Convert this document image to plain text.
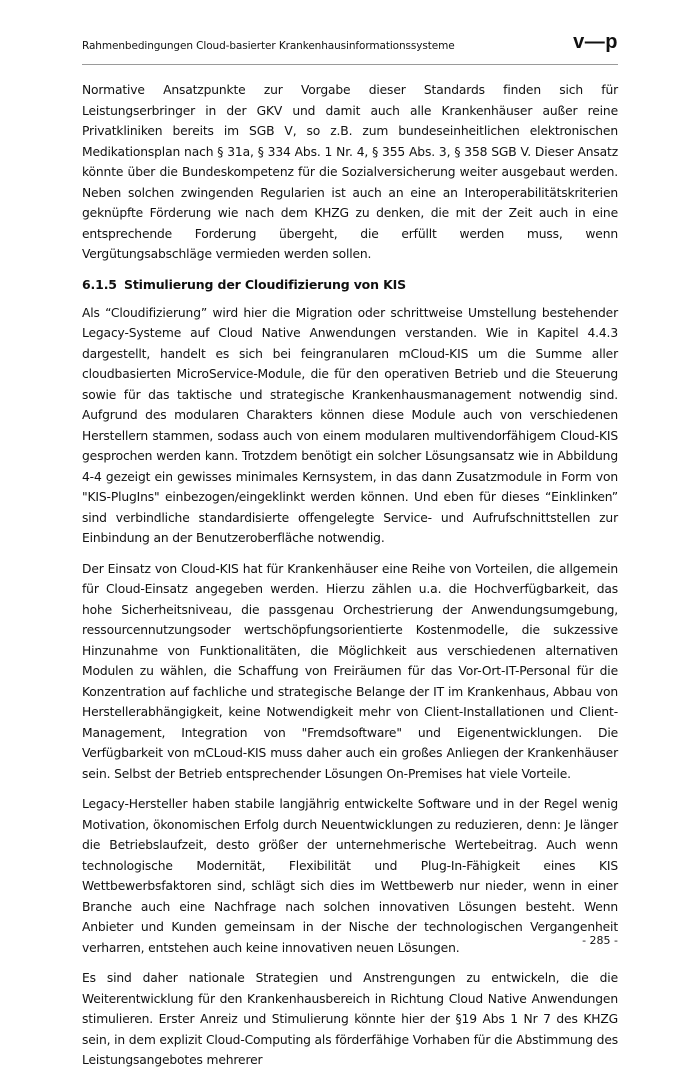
Rahmenbedingungen Cloud-basierter Krankenhausinformationssysteme	v—p

Normative Ansatzpunkte zur Vorgabe dieser Standards finden sich für Leistungserbringer in der GKV und damit auch alle Krankenhäuser außer reine Privatkliniken bereits im SGB V, so z.B. zum bundeseinheitlichen elektronischen Medikationsplan nach § 31a, § 334 Abs. 1 Nr. 4, § 355 Abs. 3, § 358 SGB V. Dieser Ansatz könnte über die Bundeskompetenz für die Sozialversicherung weiter ausgebaut werden. Neben solchen zwingenden Regularien ist auch an eine an Interoperabilitätskriterien geknüpfte Förderung wie nach dem KHZG zu denken, die mit der Zeit auch in eine entsprechende Forderung übergeht, die erfüllt werden muss, wenn Vergütungsabschläge vermieden werden sollen.

6.1.5 Stimulierung der Cloudifizierung von KIS

Als “Cloudifizierung” wird hier die Migration oder schrittweise Umstellung bestehender Legacy-Systeme auf Cloud Native Anwendungen verstanden. Wie in Kapitel 4.4.3 dargestellt, handelt es sich bei feingranularen mCloud-KIS um die Summe aller cloudbasierten MicroService-Module, die für den operativen Betrieb und die Steuerung sowie für das taktische und strategische Krankenhausmanagement notwendig sind. Aufgrund des modularen Charakters können diese Module auch von verschiedenen Herstellern stammen, sodass auch von einem modularen multivendorfähigem Cloud-KIS gesprochen werden kann. Trotzdem benötigt ein solcher Lösungsansatz wie in Abbildung 4-4 gezeigt ein gewisses minimales Kernsystem, in das dann Zusatzmodule in Form von "KIS-PlugIns" einbezogen/eingeklinkt werden können. Und eben für dieses “Einklinken” sind verbindliche standardisierte offengelegte Service- und Aufrufschnittstellen zur Einbindung an der Benutzeroberfläche notwendig.

Der Einsatz von Cloud-KIS hat für Krankenhäuser eine Reihe von Vorteilen, die allgemein für Cloud-Einsatz angegeben werden. Hierzu zählen u.a. die Hochverfügbarkeit, das hohe Sicherheitsniveau, die passgenau Orchestrierung der Anwendungsumgebung, ressourcennutzungsoder wertschöpfungsorientierte Kostenmodelle, die sukzessive Hinzunahme von Funktionalitäten, die Möglichkeit aus verschiedenen alternativen Modulen zu wählen, die Schaffung von Freiräumen für das Vor-Ort-IT-Personal für die Konzentration auf fachliche und strategische Belange der IT im Krankenhaus, Abbau von Herstellerabhängigkeit, keine Notwendigkeit mehr von Client-Installationen und Client-Management, Integration von "Fremdsoftware" und Eigenentwicklungen. Die Verfügbarkeit von mCLoud-KIS muss daher auch ein großes Anliegen der Krankenhäuser sein. Selbst der Betrieb entsprechender Lösungen On-Premises hat viele Vorteile.

Legacy-Hersteller haben stabile langjährig entwickelte Software und in der Regel wenig Motivation, ökonomischen Erfolg durch Neuentwicklungen zu reduzieren, denn: Je länger die Betriebslaufzeit, desto größer der unternehmerische Wertebeitrag. Auch wenn technologische Modernität, Flexibilität und Plug-In-Fähigkeit eines KIS Wettbewerbsfaktoren sind, schlägt sich dies im Wettbewerb nur nieder, wenn in einer Branche auch eine Nachfrage nach solchen innovativen Lösungen besteht. Wenn Anbieter und Kunden gemeinsam in der Nische der technologischen Vergangenheit verharren, entstehen auch keine innovativen neuen Lösungen.

Es sind daher nationale Strategien und Anstrengungen zu entwickeln, die die Weiterentwicklung für den Krankenhausbereich in Richtung Cloud Native Anwendungen stimulieren. Erster Anreiz und Stimulierung könnte hier der §19 Abs 1 Nr 7 des KHZG sein, in dem explizit Cloud-Computing als förderfähige Vorhaben für die Abstimmung des Leistungsangebotes mehrerer

- 285 -
